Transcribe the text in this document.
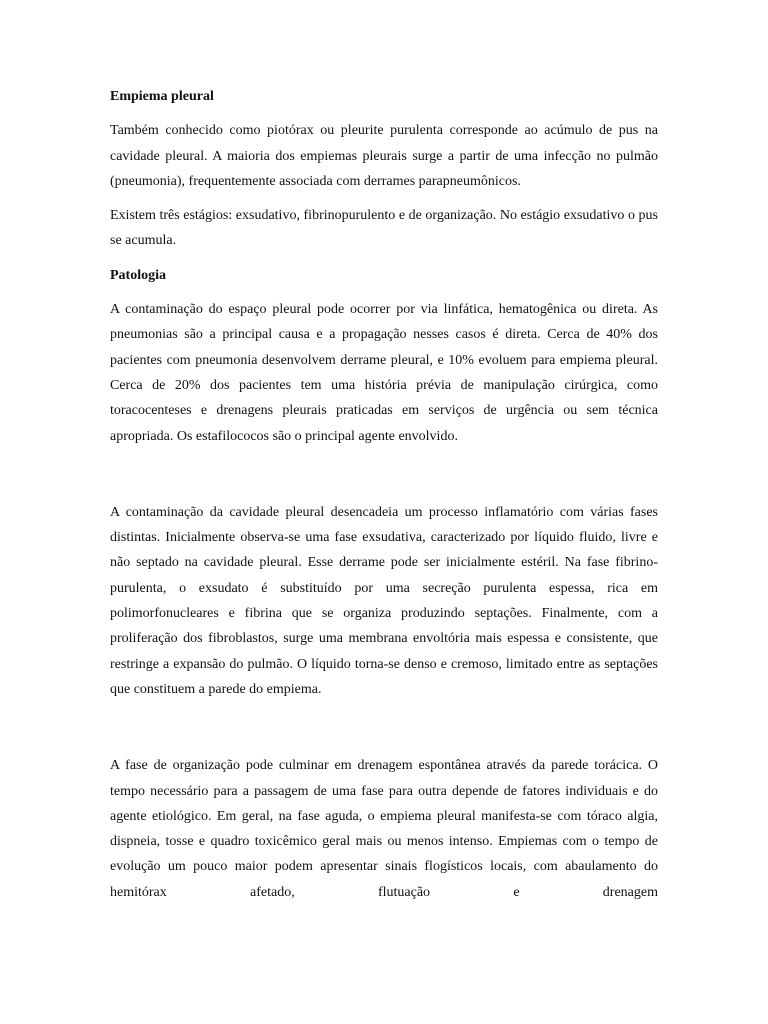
Empiema pleural

Também conhecido como piotórax ou pleurite purulenta corresponde ao acúmulo de pus na cavidade pleural. A maioria dos empiemas pleurais surge a partir de uma infecção no pulmão (pneumonia), frequentemente associada com derrames parapneumônicos.

Existem três estágios: exsudativo, fibrinopurulento e de organização. No estágio exsudativo o pus se acumula.

Patologia

A contaminação do espaço pleural pode ocorrer por via linfática, hematogênica ou direta. As pneumonias são a principal causa e a propagação nesses casos é direta. Cerca de 40% dos pacientes com pneumonia desenvolvem derrame pleural, e 10% evoluem para empiema pleural. Cerca de 20% dos pacientes tem uma história prévia de manipulação cirúrgica, como toracocenteses e drenagens pleurais praticadas em serviços de urgência ou sem técnica apropriada. Os estafilococos são o principal agente envolvido.

A contaminação da cavidade pleural desencadeia um processo inflamatório com várias fases distintas. Inicialmente observa-se uma fase exsudativa, caracterizado por líquido fluido, livre e não septado na cavidade pleural. Esse derrame pode ser inicialmente estéril. Na fase fibrino-purulenta, o exsudato é substituído por uma secreção purulenta espessa, rica em polimorfonucleares e fibrina que se organiza produzindo septações. Finalmente, com a proliferação dos fibroblastos, surge uma membrana envoltória mais espessa e consistente, que restringe a expansão do pulmão. O líquido torna-se denso e cremoso, limitado entre as septações que constituem a parede do empiema.

A fase de organização pode culminar em drenagem espontânea através da parede torácica. O tempo necessário para a passagem de uma fase para outra depende de fatores individuais e do agente etiológico. Em geral, na fase aguda, o empiema pleural manifesta-se com tóraco algia, dispneia, tosse e quadro toxicêmico geral mais ou menos intenso. Empiemas com o tempo de evolução um pouco maior podem apresentar sinais flogísticos locais, com abaulamento do hemitórax afetado, flutuação e drenagem
